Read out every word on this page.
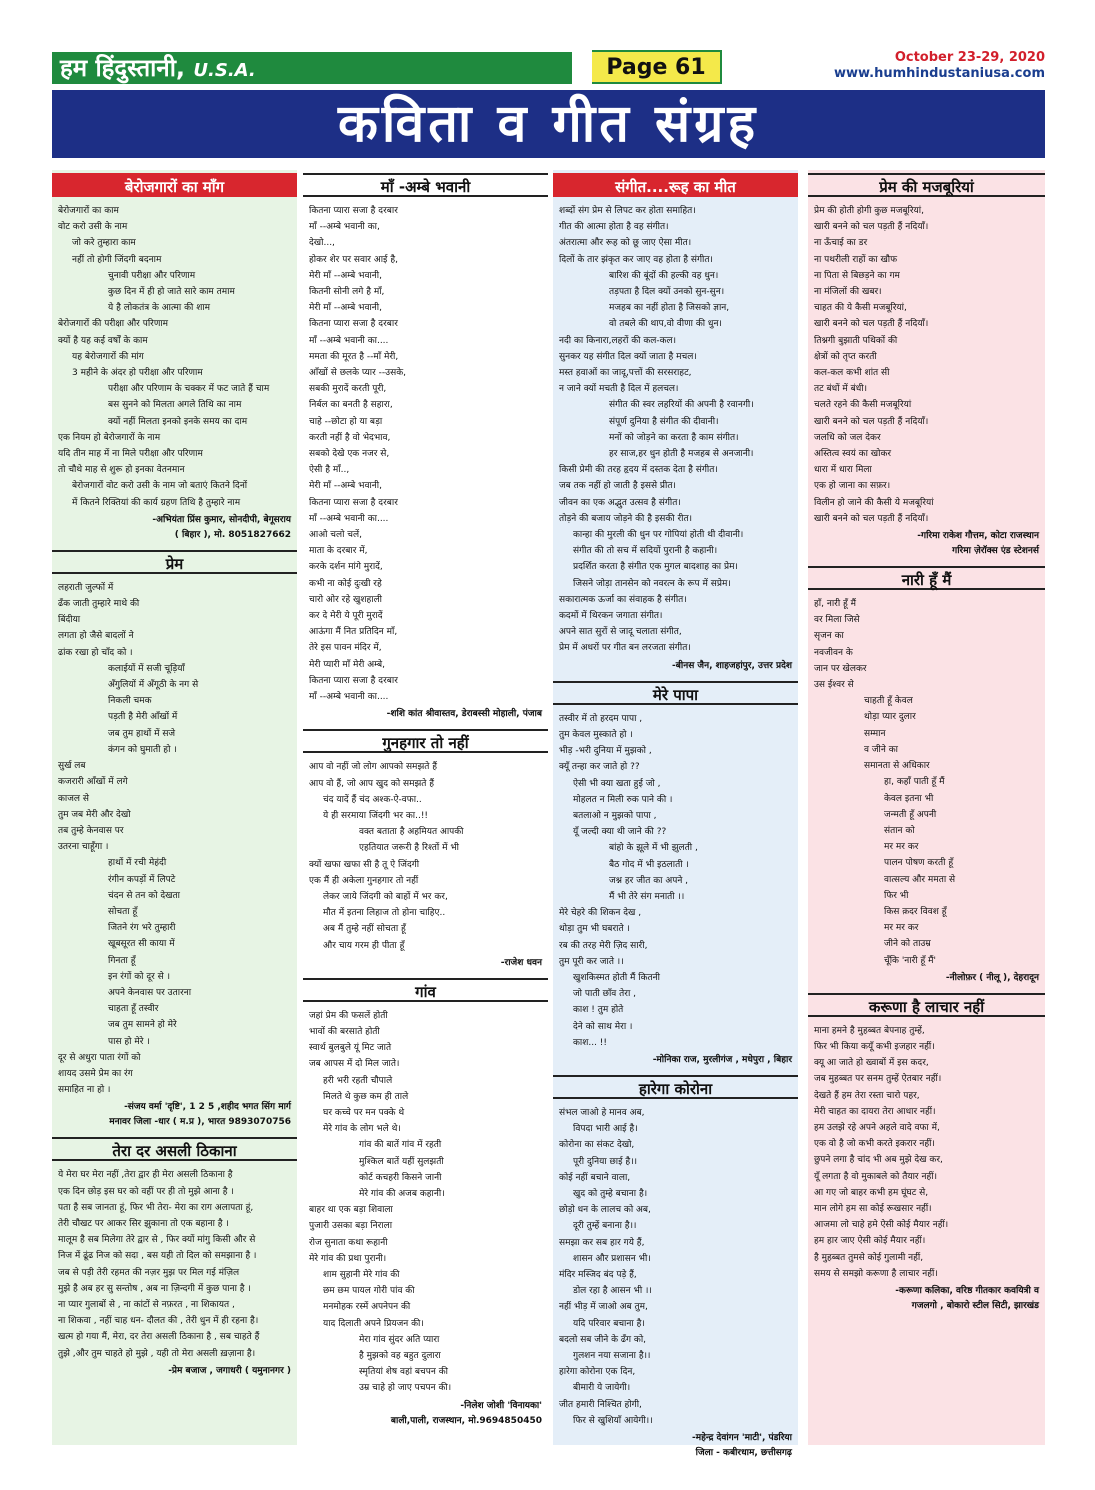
हम हिंदुस्तानी, U.S.A.	Page 61	October 23-29, 2020
www.humhindustaniusa.com
कविता व गीत संग्रह
बेरोजगारों का माँग
बेरोजगारों का काम
वोट करो उसी के नाम
जो करे तुम्हारा काम
नहीं तो होगी जिंदगी बदनाम
चुनावी परीक्षा और परिणाम
कुछ दिन में ही हो जाते सारे काम तमाम
ये है लोकतंत्र के आत्मा की शाम
बेरोजगारों की परीक्षा और परिणाम
क्यों है यह कई वर्षों के काम
यह बेरोजगारों की मांग
3 महीने के अंदर हो परीक्षा और परिणाम
परीक्षा और परिणाम के चक्कर में फट जाते हैं चाम
बस सुनने को मिलता अगले तिथि का नाम
क्यों नहीं मिलता इनको इनके समय का दाम
एक नियम हो बेरोजगारों के नाम
यदि तीन माह में ना मिले परीक्षा और परिणाम
तो चौथे माह से शुरू हो इनका वेतनमान
बेरोजगारों वोट करो उसी के नाम जो बताएं कितने दिनों
में कितने रिक्तियां की कार्य ग्रहण तिथि है तुम्हारे नाम
-अभियंता प्रिंस कुमार, सोनदीपी, बेगूसराय
( बिहार ), मो. 8051827662
प्रेम
लहराती जुल्फों में
ढँक जाती तुम्हारे माथे की
बिंदीया
लगता हो जैसे बादलों ने
ढांक रखा हो चाँद को ।
कलाईयों में सजी चूड़ियाँ
अँगुलियों में अँगूठी के नग से
निकली चमक
पड़ती है मेरी आँखों में
जब तुम हाथों में सजे
कंगन को घुमाती हो ।
सुर्ख लब
कजरारी आँखों में लगे
काजल से
तुम जब मेरी और देखो
तब तुम्हे केनवास पर
उतरना चाहूँगा ।
हाथों में रची मेहंदी
रंगीन कपड़ों में लिपटे
चंदन से तन को देखता
सोचता हूँ
जितने रंग भरे तुम्हारी
खूबसूरत सी काया में
गिनता हूँ
इन रंगों को दूर से ।
अपने केनवास पर उतारना
चाहता हूँ तस्वीर
जब तुम सामने हो मेरे
पास हो मेरे ।
दूर से अधुरा पाता रंगों को
शायद उसमे प्रेम का रंग
समाहित ना हो ।
-संजय वर्मा 'दृष्टि', 1 2 5 ,शहीद भगत सिंग मार्ग
मनावर जिला -धार ( म.प्र ), भारत 9893070756
तेरा दर असली ठिकाना
ये मेरा घर मेरा नहीं ,तेरा द्वार ही मेरा असली ठिकाना है
एक दिन छोड़ इस घर को वहीं पर ही तो मुझे आना है ।
पता है सब जानता हूं, फिर भी तेरा- मेरा का राग अलापता हूं,
तेरी चौखट पर आकर सिर झुकाना तो एक बहाना है ।
मालूम है सब मिलेगा तेरे द्वार से , फिर क्यों मांगु किसी और से
निज में ढूंढ निज को सदा , बस यही तो दिल को समझाना है ।
जब से पड़ी तेरी रहमत की नज़र मुझ पर मिल गई मंज़िल
मुझे है अब हर सु सन्तोष , अब ना ज़िन्दगी में कुछ पाना है ।
ना प्यार गुलाबों से , ना कांटों से नफ़रत , ना शिकायत ,
ना शिकवा , नहीं चाह धन- दौलत की , तेरी धुन में ही रहना है।
खत्म हो गया मैं, मेरा, दर तेरा असली ठिकाना है , सब चाहते हैं
तुझे ,और तुम चाहते हो मुझे , यही तो मेरा असली ख़ज़ाना है।
-प्रेम बजाज , जगाधरी ( यमुनानगर )
माँ -अम्बे भवानी
कितना प्यारा सजा है दरबार
माँ --अम्बे भवानी का,
देखो...,
होकर शेर पर सवार आई है,
मेरी माँ --अम्बे भवानी,
कितनी सोनी लगे है माँ,
मेरी माँ --अम्बे भवानी,
कितना प्यारा सजा है दरबार
माँ --अम्बे भवानी का....
ममता की मूरत है --माँ मेरी,
आँखों से छलके प्यार --उसके,
सबकी मुरादें करती पूरी,
निर्बल का बनती है सहारा,
चाहे --छोटा हो या बड़ा
करती नहीं है वो भेदभाव,
सबको देखे एक नजर से,
ऐसी है माँ..,
मेरी माँ --अम्बे भवानी,
कितना प्यारा सजा है दरबार
माँ --अम्बे भवानी का....
आओ चलो चलें,
माता के दरबार में,
करके दर्शन मांगे मुरादें,
कभी ना कोई दुःखी रहे
चारो ओर रहे खुशहाली
कर दे मेरी ये पूरी मुरादें
आऊंगा मैं नित प्रतिदिन माँ,
तेरे इस पावन मंदिर में,
मेरी प्यारी माँ मेरी अम्बे,
कितना प्यारा सजा है दरबार
माँ --अम्बे भवानी का....
-शशि कांत श्रीवास्तव, डेराबस्सी मोहाली, पंजाब
गुनहगार तो नहीं
आप वो नहीं जो लोग आपको समझते हैं
आप वो हैं, जो आप खुद को समझते हैं
चंद यादें हैं चंद अश्क-ऐ-वफा..
ये ही सरमाया जिंदगी भर का..!!
वक्त बताता है अहमियत आपकी
एहतियात जरूरी है रिश्तों में भी
क्यों खफा खफा सी है तू ऐ जिंदगी
एक मैं ही अकेला गुनहगार तो नहीं
लेकर जाये जिंदगी को बाहों में भर कर,
मौत में इतना लिहाज तो होना चाहिए..
अब मैं तुम्हे नहीं सोचता हूँ
और चाय गरम ही पीता हूँ
-राजेश धवन
गांव
जहां प्रेम की फसलें होती
भावों की बरसाते होती
स्वार्थ बुलबुले यूं मिट जाते
जब आपस में दो मिल जाते।
हरी भरी रहती चौपाले
मिलते थे कुछ कम ही ताले
घर कच्चे पर मन पक्के थे
मेरे गांव के लोग भले थे।
गांव की बातें गांव में रहती
मुश्किल बातें यहीं सुलझती
कोर्ट कचहरी किसने जानी
मेरे गांव की अजब कहानी।
बाहर था एक बड़ा शिवाला
पुजारी उसका बड़ा निराला
रोज सुनाता कथा रूहानी
मेरे गांव की प्रथा पुरानी।
शाम सुहानी मेरे गांव की
छम छम पायल गोरी पांव की
मनमोहक रस्में अपनेपन की
याद दिलाती अपने प्रियजन की।
मेरा गांव सुंदर अति प्यारा
है मुझको वह बहुत दुलारा
स्मृतियां शेष वहां बचपन की
उम्र चाहे हो जाए पचपन की।
-निलेश जोशी 'विनायका'
बाली,पाली, राजस्थान, मो.9694850450
संगीत....रूह का मीत
शब्दों संग प्रेम से लिपट कर होता समाहित।
गीत की आत्मा होता है वह संगीत।
अंतरात्मा और रूह को छू जाए ऐसा मीत।
दिलों के तार झंकृत कर जाए वह होता है संगीत।
बारिश की बूंदों की हल्की वह धुन।
तड़पता है दिल क्यों उनको सुन-सुन।
मजहब का नहीं होता है जिसको ज्ञान,
वो तबले की थाप,वो वीणा की धुन।
नदी का किनारा,लहरों की कल-कल।
सुनकर यह संगीत दिल क्यों जाता है मचल।
मस्त हवाओं का जादू,पत्तों की सरसराहट,
न जाने क्यों मचती है दिल में हलचल।
संगीत की स्वर लहरियों की अपनी है रवानगी।
संपूर्ण दुनिया है संगीत की दीवानी।
मनों को जोड़ने का करता है काम संगीत।
हर साज,हर धुन होती है मजहब से अनजानी।
किसी प्रेमी की तरह हृदय में दस्तक देता है संगीत।
जब तक नहीं हो जाती है इससे प्रीत।
जीवन का एक अद्भुत उत्सव है संगीत।
तोड़ने की बजाय जोड़ने की है इसकी रीत।
कान्हा की मुरली की धुन पर गोपियां होती थी दीवानी।
संगीत की तो सच में सदियों पुरानी है कहानी।
प्रदर्शित करता है संगीत एक मुगल बादशाह का प्रेम।
जिसने जोड़ा तानसेन को नवरत्न के रूप में सप्रेम।
सकारात्मक ऊर्जा का संवाहक है संगीत।
कदमों में थिरकन जगाता संगीत।
अपने सात सुरों से जादू चलाता संगीत,
प्रेम में अधरों पर गीत बन लरजता संगीत।
-बीनस जैन, शाहजहांपुर, उत्तर प्रदेश
मेरे पापा
तस्वीर में तो हरदम पापा ,
तुम केवल मुस्काते हो ।
भीड़ -भरी दुनिया में मुझको ,
क्यूँ तन्हा कर जाते हो ??
ऐसी भी क्या खता हुई जो ,
मोहलत न मिली रुक पाने की ।
बतलाओ न मुझको पापा ,
यूँ जल्दी क्या थी जाने की ??
बांहो के झूले में भी झुलती ,
बैठ गोद में भी इठलाती ।
जश्न हर जीत का अपने ,
मैं भी तेरे संग मनाती ।।
मेरे चेहरे की शिकन देख ,
थोड़ा तुम भी घबराते ।
रब की तरह मेरी ज़िद सारी,
तुम पूरी कर जाते ।।
खुशकिस्मत होती मैं कितनी
जो पाती छाँव तेरा ,
काश ! तुम होते
देने को साथ मेरा ।
काश... !!
-मोनिका राज, मुरलीगंज , मधेपुरा , बिहार
हारेगा कोरोना
संभल जाओ हे मानव अब,
विपदा भारी आई है।
कोरोना का संकट देखो,
पूरी दुनिया छाई है।।
कोई नहीं बचाने वाला,
खुद को तुम्हे बचाना है।
छोड़ो धन के लालच को अब,
दूरी तुम्हें बनाना है।।
समझा कर सब हार गये हैं,
शासन और प्रशासन भी।
मंदिर मस्जिद बंद पड़े हैं,
डोल रहा है आसन भी ।।
नहीं भीड़ में जाओ अब तुम,
यदि परिवार बचाना है।
बदलो सब जीने के ढँग को,
गुलशन नया सजाना है।।
हारेगा कोरोना एक दिन,
बीमारी ये जायेगी।
जीत हमारी निश्चित होगी,
फिर से खुशियाँ आयेगी।।
-महेन्द्र देवांगन 'माटी', पंडरिया
जिला - कबीरधाम, छत्तीसगढ़
प्रेम की मजबूरियां
प्रेम की होती होगी कुछ मजबूरियां,
खारी बनने को चल पड़ती हैं नदियाँ।
ना ऊँचाई का डर
ना पथरीली राहों का खौफ
ना पिता से बिछड़ने का गम
ना मंजिलों की खबर।
चाहत की ये कैसी मजबूरियां,
खारी बनने को चल पड़ती हैं नदियाँ।
तिश्नगी बुझाती पथिकों की
क्षेत्रों को तृप्त करती
कल-कल कभी शांत सी
तट बंधों में बंधी।
चलते रहने की कैसी मजबूरियां
खारी बनने को चल पड़ती हैं नदियाँ।
जलधि को जल देकर
अस्तित्व स्वयं का खोकर
धारा में धारा मिला
एक हो जाना का सफ़र।
विलीन हो जाने की कैसी ये मजबूरियां
खारी बनने को चल पड़ती हैं नदियाँ।
-गरिमा राकेश गौत्तम, कोटा राजस्थान
गरिमा ज़ेरॉक्स एंड स्टेशनर्स
नारी हूँ मैं
हाँ, नारी हूँ मैं
वर मिला जिसे
सृजन का
नवजीवन के
जान पर खेलकर
उस ईश्वर से
चाहती हूँ केवल
थोड़ा प्यार दुलार
सम्मान
व जीने का
समानता से अधिकार
हा, कहाँ पाती हूँ मैं
केवल इतना भी
जन्मती हूँ अपनी
संतान को
मर मर कर
पालन पोषण करती हूँ
वात्सल्य और ममता से
फिर भी
किस क़दर विवश हूँ
मर मर कर
जीने को ताउम्र
चूँकि 'नारी हूँ मैं'
-नीलोफ़र ( नीलू ), देहरादून
करूणा है लाचार नहीं
माना हमने है मुहब्बत बेपनाह तुम्हें,
फिर भी किया कयूँ कभी इजहार नहीं।
क्यू आ जाते हो ख्वाबों में इस कदर,
जब मुहब्बत पर सनम तुम्हें ऐतबार नहीं।
देखते हैं हम तेरा रस्ता चारो पहर,
मेरी चाहत का दायरा तेरा आधार नहीं।
हम उलझे रहे अपने अहले वादे वफा में,
एक वो है जो कभी करते इकरार नहीं।
छुपने लगा है चांद भी अब मुझे देख कर,
यूँ लगता है वो मुकाबले को तैयार नहीं।
आ गए जो बाहर कभी हम घूंघट से,
मान लोगे हम सा कोई रूखसार नहीं।
आजमा लो चाहे हमे ऐसी कोई मैयार नहीं।
हम हार जाए ऐसी कोई मैयार नहीं।
है मुहब्बत तुमसे कोई गुलामी नहीं,
समय से समझो करूणा है लाचार नहीं।
-करूणा कलिका, वरिष्ठ गीतकार कवयित्री व
गजलगो , बोकारो स्टील सिटी, झारखंड
